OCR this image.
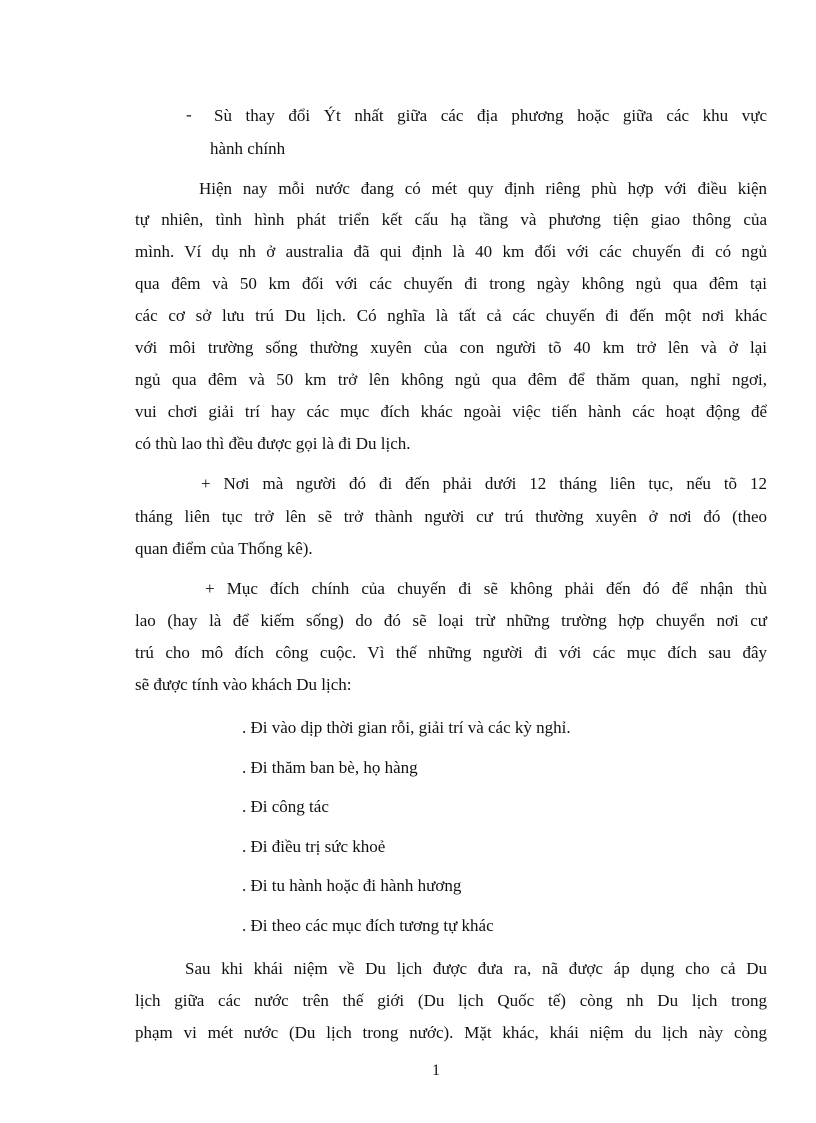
- Sù thay đổi Ýt nhất giữa các địa phương hoặc giữa các khu vực
hành chính
Hiện nay mỗi nước đang có mét quy định riêng phù hợp với điều kiện
tự nhiên, tình hình phát triển kết cấu hạ tầng và phương tiện giao thông của
mình. Ví dụ nh ở australia đã qui định là 40 km đối với các chuyến đi có ngủ
qua đêm và 50 km đối với các chuyến đi trong ngày không ngủ qua đêm tại
các cơ sở lưu trú Du lịch. Có nghĩa là tất cả các chuyến đi đến một nơi khác
với môi trường sống thường xuyên của con người tõ 40 km trở lên và ở lại
ngủ qua đêm và 50 km trở lên không ngủ qua đêm để thăm quan, nghỉ ngơi,
vui chơi giải trí hay các mục đích khác ngoài việc tiến hành các hoạt động để
có thù lao thì đều được gọi là đi Du lịch.
+ Nơi mà người đó đi đến phải dưới 12 tháng liên tục, nếu tõ 12
tháng liên tục trở lên sẽ trở thành người cư trú thường xuyên ở nơi đó (theo
quan điểm của Thống kê).
+ Mục đích chính của chuyến đi sẽ không phải đến đó để nhận thù
lao (hay là để kiếm sống) do đó sẽ loại trừ những trường hợp chuyển nơi cư
trú cho mô đích công cuộc. Vì thế những người đi với các mục đích sau đây
sẽ được tính vào khách Du lịch:
. Đi vào dịp thời gian rỗi, giải trí và các kỳ nghỉ.
. Đi thăm ban bè, họ hàng
. Đi công tác
. Đi điều trị sức khoẻ
. Đi tu hành hoặc đi hành hương
. Đi theo các mục đích tương tự khác
Sau khi khái niệm về Du lịch được đưa ra, nã được áp dụng cho cả Du
lịch giữa các nước trên thế giới (Du lịch Quốc tế) còng nh Du lịch trong
phạm vi mét nước (Du lịch trong nước). Mặt khác, khái niệm du lịch này còng
1
